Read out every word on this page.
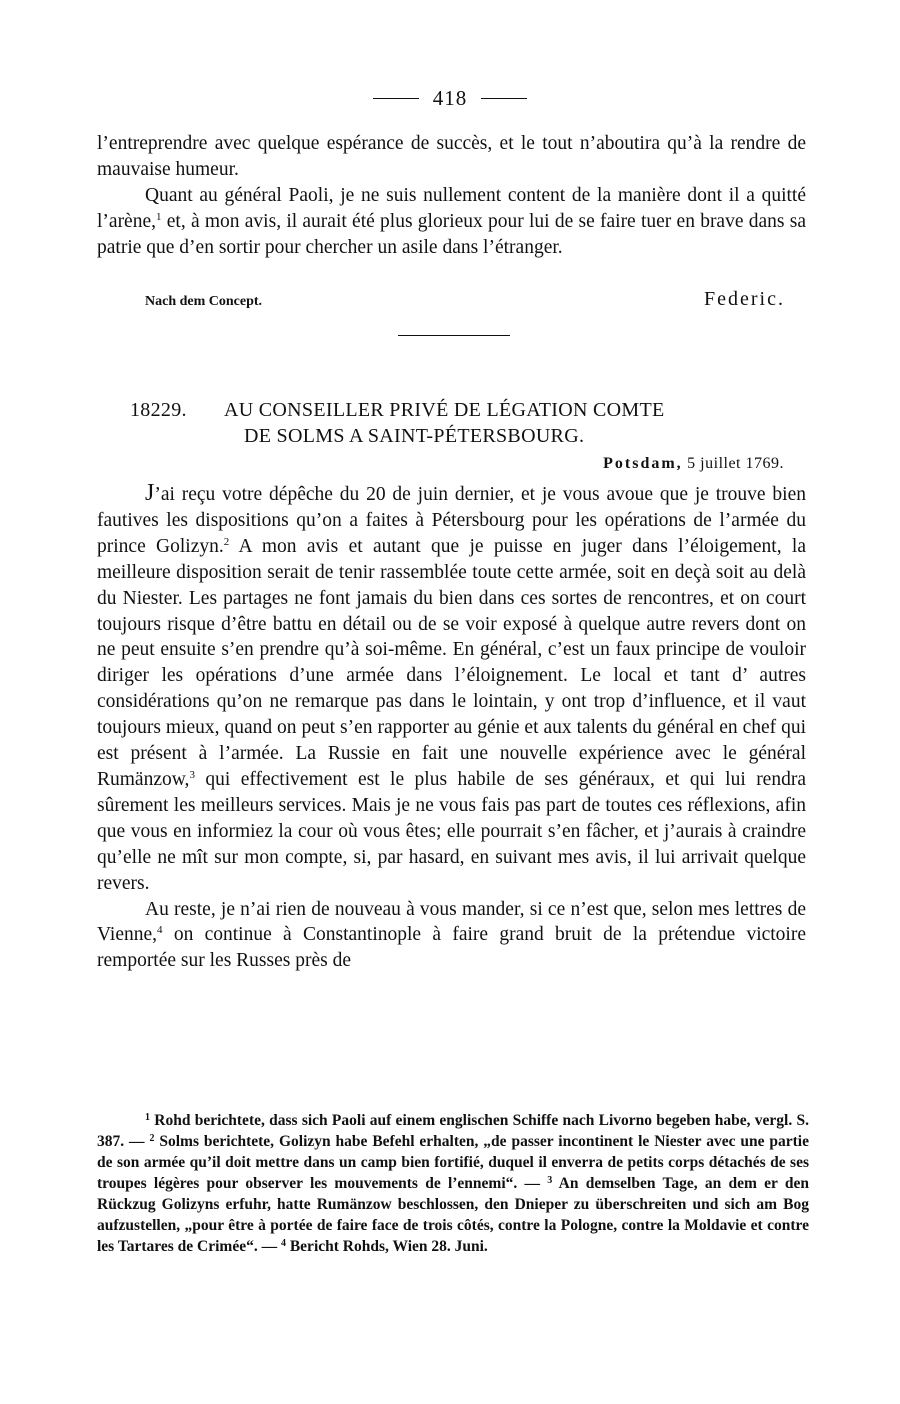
418

l’entreprendre avec quelque espérance de succès, et le tout n’aboutira qu’à la rendre de mauvaise humeur.

Quant au général Paoli, je ne suis nullement content de la manière dont il a quitté l’arène,$^1$ et, à mon avis, il aurait été plus glorieux pour lui de se faire tuer en brave dans sa patrie que d’en sortir pour chercher un asile dans l’étranger.

Nach dem Concept.	Federic.
18229. AU CONSEILLER PRIVÉ DE LÉGATION COMTE
DE SOLMS A SAINT-PÉTERSBOURG.
Potsdam, 5 juillet 1769.

J’ai reçu votre dépêche du 20 de juin dernier, et je vous avoue que je trouve bien fautives les dispositions qu’on a faites à Pétersbourg pour les opérations de l’armée du prince Golizyn.$^2$ A mon avis et autant que je puisse en juger dans l’éloigement, la meilleure disposition serait de tenir rassemblée toute cette armée, soit en deçà soit au delà du Niester. Les partages ne font jamais du bien dans ces sortes de rencontres, et on court toujours risque d’être battu en détail ou de se voir exposé à quelque autre revers dont on ne peut ensuite s’en prendre qu’à soi-même. En général, c’est un faux principe de vouloir diriger les opérations d’une armée dans l’éloignement. Le local et tant d’ autres considérations qu’on ne remarque pas dans le lointain, y ont trop d’influence, et il vaut toujours mieux, quand on peut s’en rapporter au génie et aux talents du général en chef qui est présent à l’armée. La Russie en fait une nouvelle expérience avec le général Rumänzow,$^3$ qui effectivement est le plus habile de ses généraux, et qui lui rendra sûrement les meilleurs services. Mais je ne vous fais pas part de toutes ces réflexions, afin que vous en informiez la cour où vous êtes; elle pourrait s’en fâcher, et j’aurais à craindre qu’elle ne mît sur mon compte, si, par hasard, en suivant mes avis, il lui arrivait quelque revers.

Au reste, je n’ai rien de nouveau à vous mander, si ce n’est que, selon mes lettres de Vienne,$^4$ on continue à Constantinople à faire grand bruit de la prétendue victoire remportée sur les Russes près de

$^1$ Rohd berichtete, dass sich Paoli auf einem englischen Schiffe nach Livorno begeben habe, vergl. S. 387. — $^2$ Solms berichtete, Golizyn habe Befehl erhalten, „de passer incontinent le Niester avec une partie de son armée qu’il doit mettre dans un camp bien fortifié, duquel il enverra de petits corps détachés de ses troupes légères pour observer les mouvements de l’ennemi“. — $^3$ An demselben Tage, an dem er den Rückzug Golizyns erfuhr, hatte Rumänzow beschlossen, den Dnieper zu überschreiten und sich am Bog aufzustellen, „pour être à portée de faire face de trois côtés, contre la Pologne, contre la Moldavie et contre les Tartares de Crimée“. — $^4$ Bericht Rohds, Wien 28. Juni.
